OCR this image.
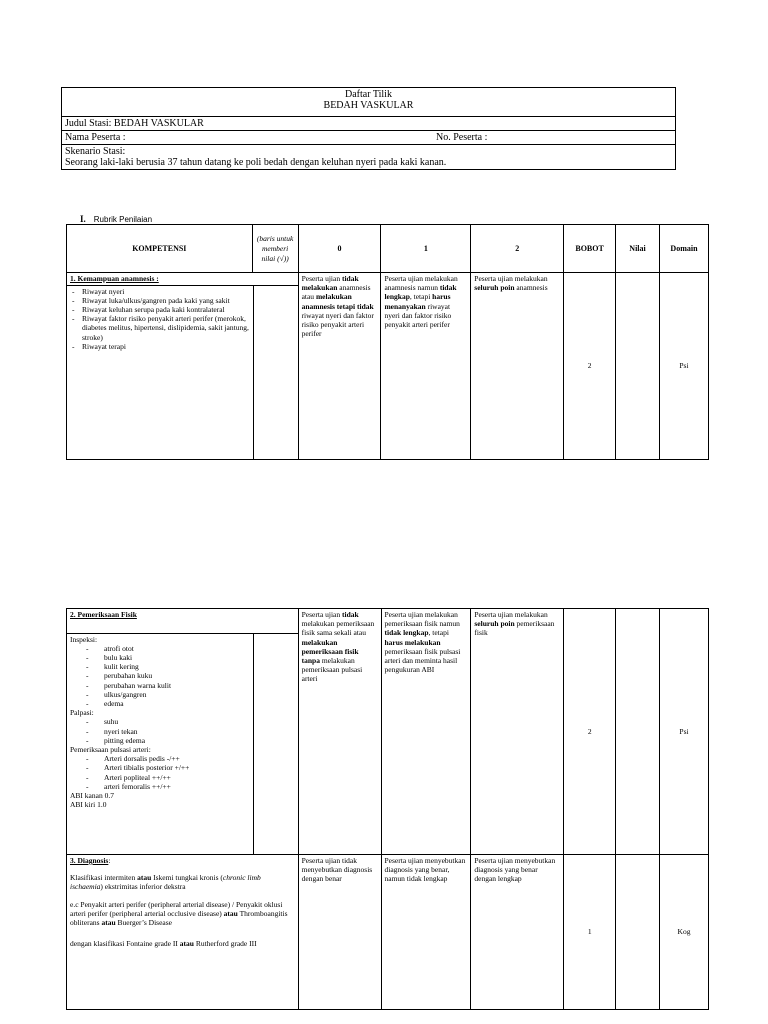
Daftar Tilik
BEDAH VASKULAR

Judul Stasi: BEDAH VASKULAR

Nama Peserta :	No. Peserta :

Skenario Stasi:
Seorang laki-laki berusia 37 tahun datang ke poli bedah dengan keluhan nyeri pada kaki kanan.
I. Rubrik Penilaian
KOMPETENSI	(baris untuk memberi nilai (√))	0	1	2	BOBOT	Nilai	Domain

1. Kemampuan anamnesis :

- Riwayat nyeri
- Riwayat luka/ulkus/gangren pada kaki yang sakit
- Riwayat keluhan serupa pada kaki kontralateral
- Riwayat faktor risiko penyakit arteri perifer (merokok, diabetes melitus, hipertensi, dislipidemia, sakit jantung, stroke)
- Riwayat terapi

	Peserta ujian tidak melakukan anamnesis atau melakukan anamnesis tetapi tidak riwayat nyeri dan faktor risiko penyakit arteri perifer	Peserta ujian melakukan anamnesis namun tidak lengkap, tetapi harus menanyakan riwayat nyeri dan faktor risiko penyakit arteri perifer	Peserta ujian melakukan seluruh poin anamnesis	2		Psi
2. Pemeriksaan Fisik

Inspeksi:
- atrofi otot
- bulu kaki
- kulit kering
- perubahan kuku
- perubahan warna kulit
- ulkus/gangren
- edema
Palpasi:
- suhu
- nyeri tekan
- pitting edema
Pemeriksaan pulsasi arteri:
- Arteri dorsalis pedis -/++
- Arteri tibialis posterior +/++
- Arteri popliteal ++/++
- arteri femoralis ++/++
ABI kanan 0.7
ABI kiri 1.0

	Peserta ujian tidak melakukan pemeriksaan fisik sama sekali atau melakukan pemeriksaan fisik tanpa melakukan pemeriksaan pulsasi arteri	Peserta ujian melakukan pemeriksaan fisik namun tidak lengkap, tetapi harus melakukan pemeriksaan fisik pulsasi arteri dan meminta hasil pengukuran ABI	Peserta ujian melakukan seluruh poin pemeriksaan fisik	2		Psi

3. Diagnosis:
Klasifikasi intermiten atau Iskemi tungkai kronis (chronic limb ischaemia) ekstrimitas inferior dekstra
e.c Penyakit arteri perifer (peripheral arterial disease) / Penyakit oklusi arteri perifer (peripheral arterial occlusive disease) atau Thromboangitis obliterans atau Buerger’s Disease
dengan klasifikasi Fontaine grade II atau Rutherford grade III
	Peserta ujian tidak menyebutkan diagnosis dengan benar	Peserta ujian menyebutkan diagnosis yang benar, namun tidak lengkap	Peserta ujian menyebutkan diagnosis yang benar dengan lengkap	1		Kog
